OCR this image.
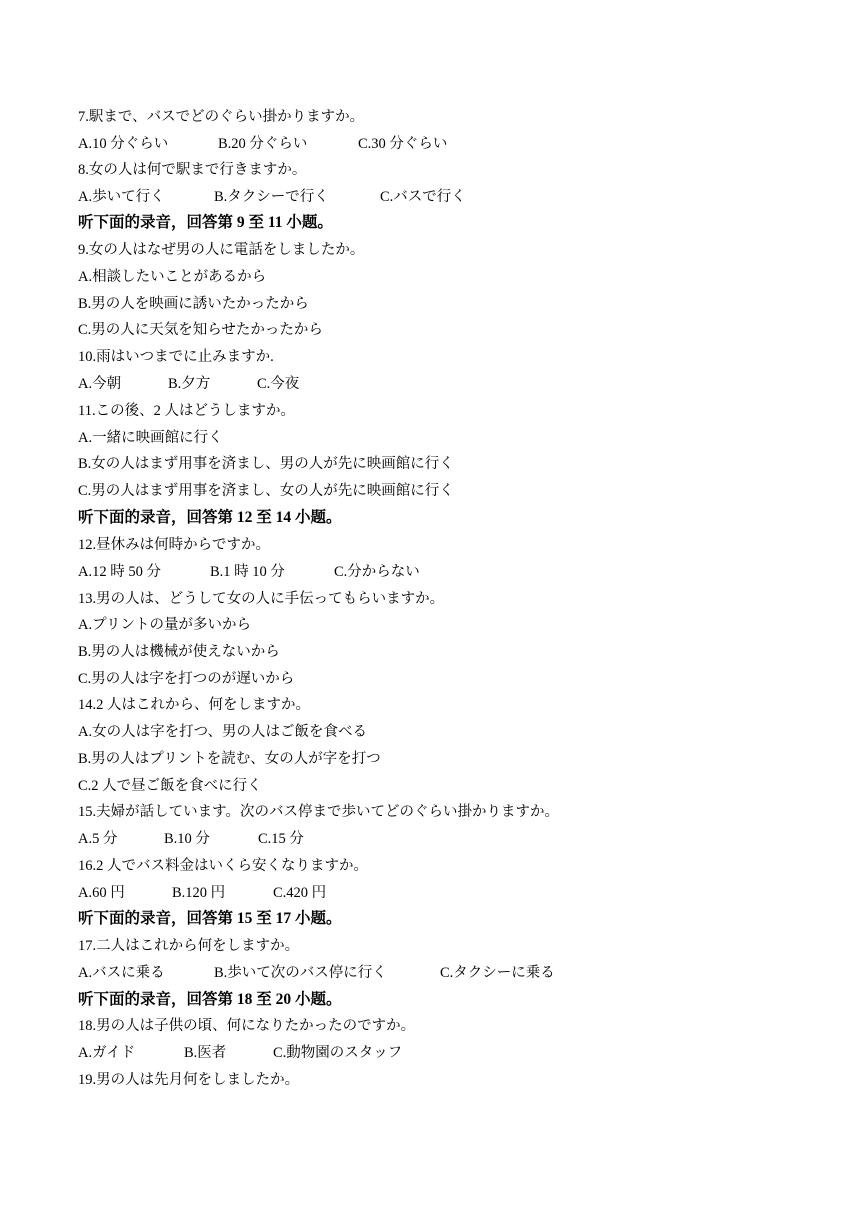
7.駅まで、バスでどのぐらい掛かりますか。
A.10 分ぐらい	B.20 分ぐらい	C.30 分ぐらい
8.女の人は何で駅まで行きますか。
A.歩いて行く	B.タクシーで行く	C.バスで行く
听下面的录音，回答第 9 至 11 小题。
9.女の人はなぜ男の人に電話をしましたか。
A.相談したいことがあるから
B.男の人を映画に誘いたかったから
C.男の人に天気を知らせたかったから
10.雨はいつまでに止みますか.
A.今朝	B.夕方	C.今夜
11.この後、2 人はどうしますか。
A.一緒に映画館に行く
B.女の人はまず用事を済まし、男の人が先に映画館に行く
C.男の人はまず用事を済まし、女の人が先に映画館に行く
听下面的录音，回答第 12 至 14 小题。
12.昼休みは何時からですか。
A.12 時 50 分	B.1 時 10 分	C.分からない
13.男の人は、どうして女の人に手伝ってもらいますか。
A.プリントの量が多いから
B.男の人は機械が使えないから
C.男の人は字を打つのが遅いから
14.2 人はこれから、何をしますか。
A.女の人は字を打つ、男の人はご飯を食べる
B.男の人はプリントを読む、女の人が字を打つ
C.2 人で昼ご飯を食べに行く
15.夫婦が話しています。次のバス停まで歩いてどのぐらい掛かりますか。
A.5 分	B.10 分	C.15 分
16.2 人でバス料金はいくら安くなりますか。
A.60 円	B.120 円	C.420 円
听下面的录音，回答第 15 至 17 小题。
17.二人はこれから何をしますか。
A.バスに乗る	B.歩いて次のバス停に行く	C.タクシーに乗る
听下面的录音，回答第 18 至 20 小题。
18.男の人は子供の頃、何になりたかったのですか。
A.ガイド	B.医者	C.動物園のスタッフ
19.男の人は先月何をしましたか。
